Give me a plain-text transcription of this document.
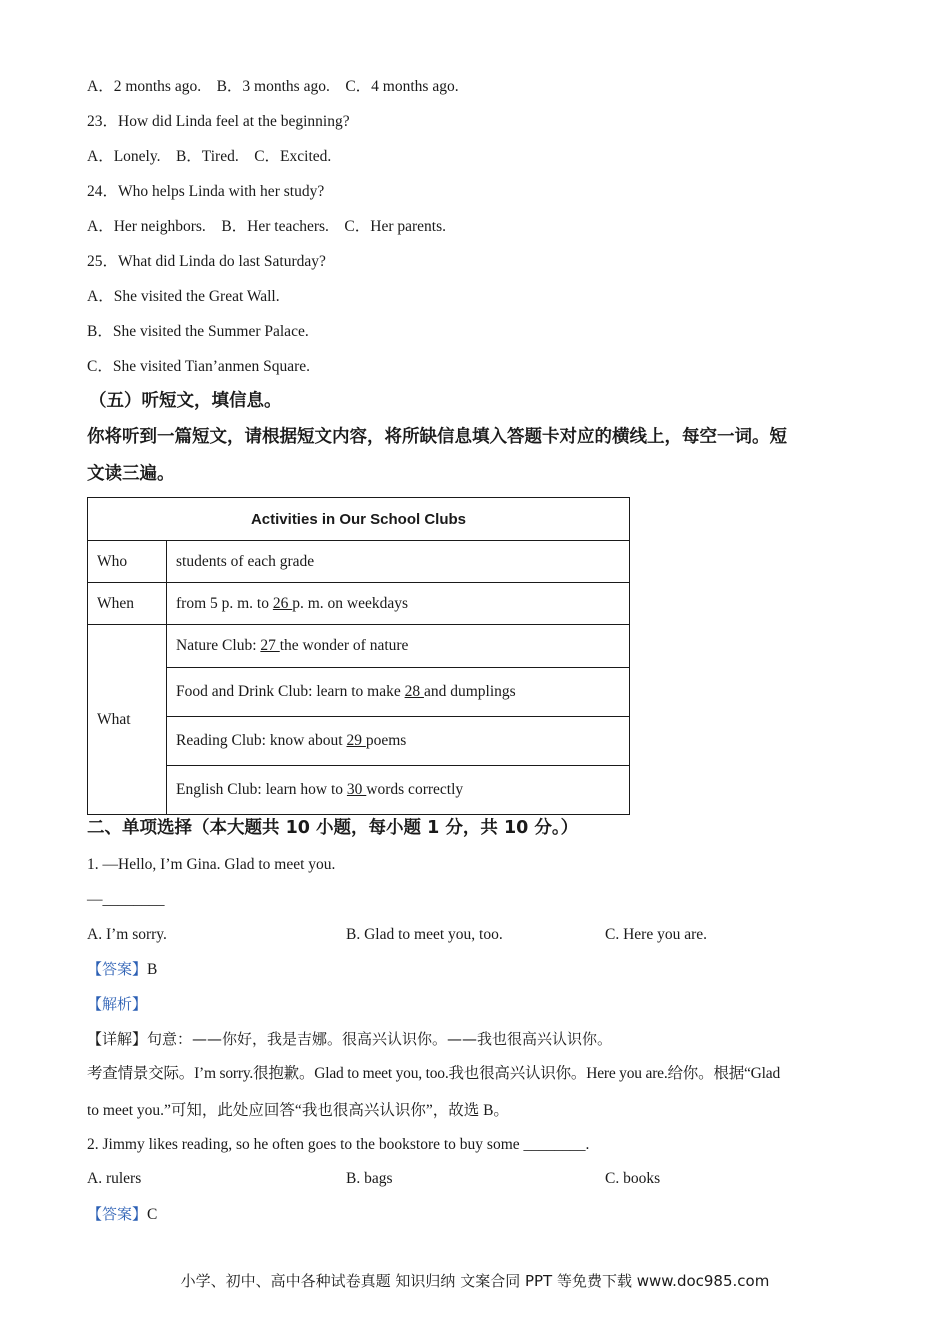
A．2 months ago. B．3 months ago. C．4 months ago.
23．How did Linda feel at the beginning?
A．Lonely. B．Tired. C．Excited.
24．Who helps Linda with her study?
A．Her neighbors. B．Her teachers. C．Her parents.
25．What did Linda do last Saturday?
A．She visited the Great Wall.
B．She visited the Summer Palace.
C．She visited Tian’anmen Square.
（五）听短文，填信息。
你将听到一篇短文，请根据短文内容，将所缺信息填入答题卡对应的横线上，每空一词。短
文读三遍。
Activities in Our School Clubs	
Who	students of each grade
When	from 5 p. m. to 26 p. m. on weekdays
What	Nature Club: 27 the wonder of nature
	Food and Drink Club: learn to make 28 and dumplings
	Reading Club: know about 29 poems
	English Club: learn how to 30 words correctly
二、单项选择（本大题共 10 小题，每小题 1 分，共 10 分。）
1. —Hello, I’m Gina. Glad to meet you.
—________
A. I’m sorry.	B. Glad to meet you, too.	C. Here you are.
【答案】B
【解析】
【详解】句意：——你好，我是吉娜。很高兴认识你。——我也很高兴认识你。
考查情景交际。I’m sorry.很抱歉。Glad to meet you, too.我也很高兴认识你。Here you are.给你。根据“Glad
to meet you.”可知，此处应回答“我也很高兴认识你”，故选 B。
2. Jimmy likes reading, so he often goes to the bookstore to buy some ________.
A. rulers	B. bags	C. books
【答案】C
小学、初中、高中各种试卷真题 知识归纳 文案合同 PPT 等免费下载 www.doc985.com
